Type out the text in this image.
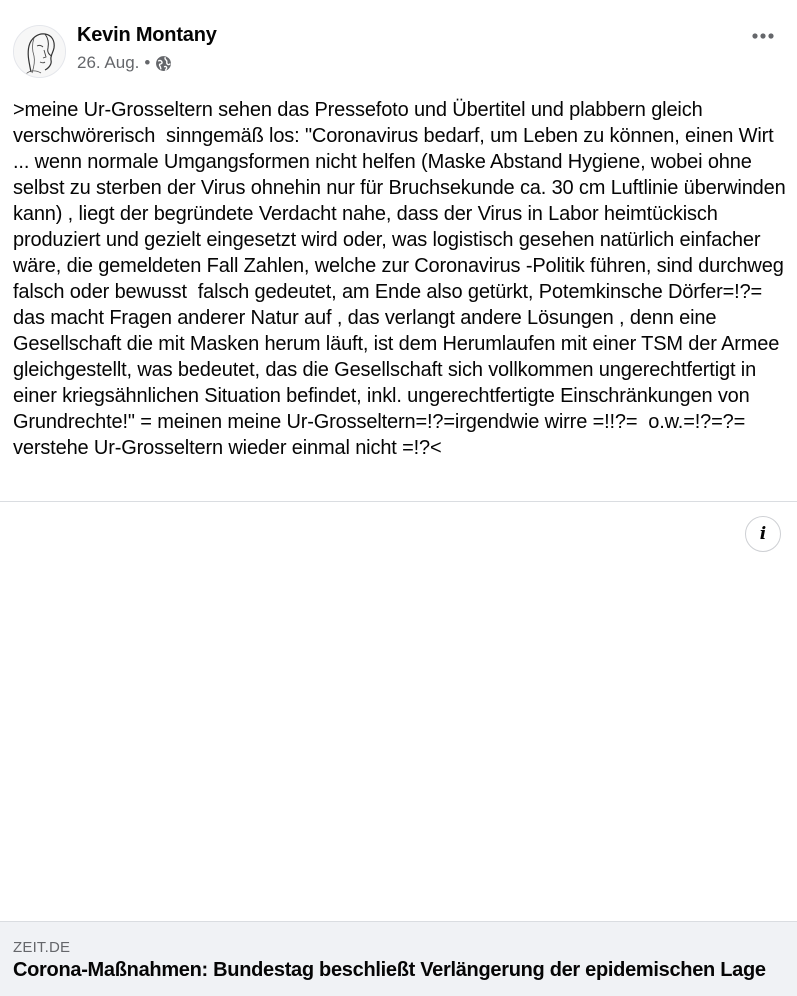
Kevin Montany
26. Aug. •

>meine Ur-Grosseltern sehen das Pressefoto und Übertitel und plabbern gleich verschwörerisch  sinngemäß los: "Coronavirus bedarf, um Leben zu können, einen Wirt ... wenn normale Umgangsformen nicht helfen (Maske Abstand Hygiene, wobei ohne selbst zu sterben der Virus ohnehin nur für Bruchsekunde ca. 30 cm Luftlinie überwinden kann) , liegt der begründete Verdacht nahe, dass der Virus in Labor heimtückisch produziert und gezielt eingesetzt wird oder, was logistisch gesehen natürlich einfacher wäre, die gemeldeten Fall Zahlen, welche zur Coronavirus -Politik führen, sind durchweg falsch oder bewusst  falsch gedeutet, am Ende also getürkt, Potemkinsche Dörfer=!?= das macht Fragen anderer Natur auf , das verlangt andere Lösungen , denn eine Gesellschaft die mit Masken herum läuft, ist dem Herumlaufen mit einer TSM der Armee gleichgestellt, was bedeutet, das die Gesellschaft sich vollkommen ungerechtfertigt in einer kriegsähnlichen Situation befindet, inkl. ungerechtfertigte Einschränkungen von Grundrechte!" = meinen meine Ur-Grosseltern=!?=irgendwie wirre =!!?=  o.w.=!?=?= verstehe Ur-Grosseltern wieder einmal nicht =!?<

i
ZEIT.DE
Corona-Maßnahmen: Bundestag beschließt Verlängerung der epidemischen Lage
